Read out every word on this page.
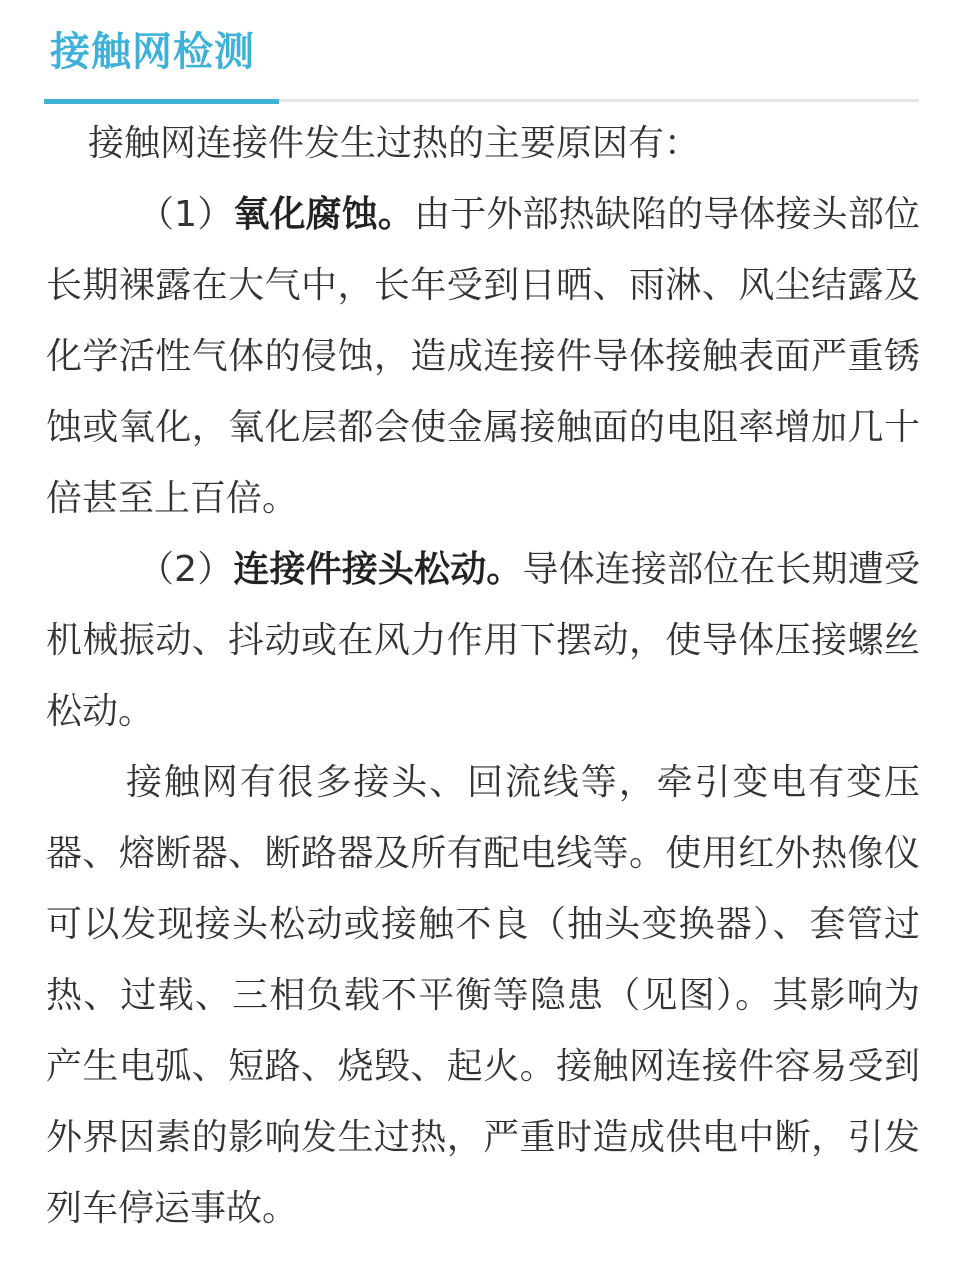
接触网检测

接触网连接件发生过热的主要原因有：

（1）氧化腐蚀。由于外部热缺陷的导体接头部位长期裸露在大气中，长年受到日晒、雨淋、风尘结露及化学活性气体的侵蚀，造成连接件导体接触表面严重锈蚀或氧化，氧化层都会使金属接触面的电阻率增加几十倍甚至上百倍。

（2）连接件接头松动。导体连接部位在长期遭受机械振动、抖动或在风力作用下摆动，使导体压接螺丝松动。

接触网有很多接头、回流线等，牵引变电有变压器、熔断器、断路器及所有配电线等。使用红外热像仪可以发现接头松动或接触不良（抽头变换器）、套管过热、过载、三相负载不平衡等隐患（见图）。其影响为产生电弧、短路、烧毁、起火。接触网连接件容易受到外界因素的影响发生过热，严重时造成供电中断，引发列车停运事故。
